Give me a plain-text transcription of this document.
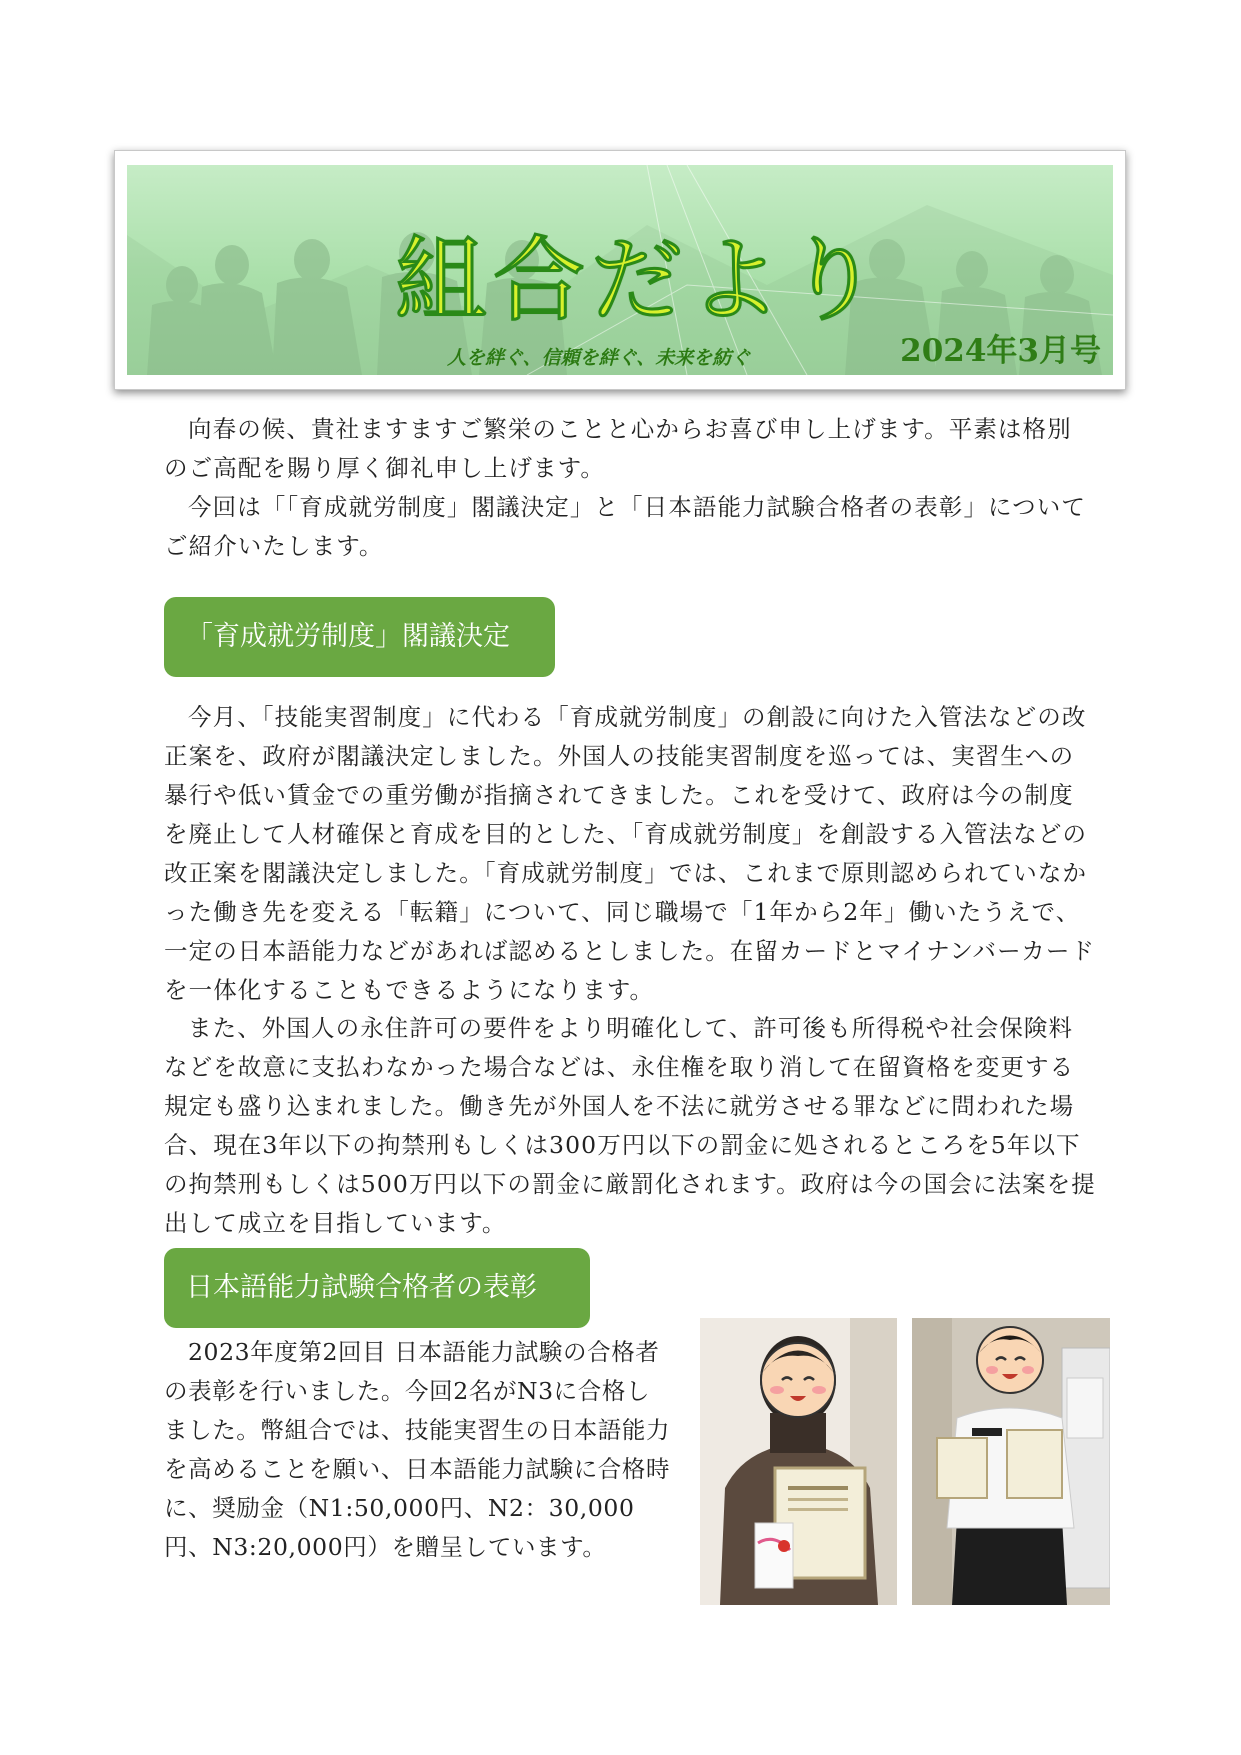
組合だより
人を絆ぐ、信頼を絆ぐ、未来を紡ぐ	2024年3月号

向春の候、貴社ますますご繁栄のことと心からお喜び申し上げます。平素は格別のご高配を賜り厚く御礼申し上げます。

今回は「「育成就労制度」閣議決定」と「日本語能力試験合格者の表彰」についてご紹介いたします。

「育成就労制度」閣議決定

今月、「技能実習制度」に代わる「育成就労制度」の創設に向けた入管法などの改正案を、政府が閣議決定しました。外国人の技能実習制度を巡っては、実習生への暴行や低い賃金での重労働が指摘されてきました。これを受けて、政府は今の制度を廃止して人材確保と育成を目的とした、「育成就労制度」を創設する入管法などの改正案を閣議決定しました。「育成就労制度」では、これまで原則認められていなかった働き先を変える「転籍」について、同じ職場で「1年から2年」働いたうえで、一定の日本語能力などがあれば認めるとしました。在留カードとマイナンバーカードを一体化することもできるようになります。

また、外国人の永住許可の要件をより明確化して、許可後も所得税や社会保険料などを故意に支払わなかった場合などは、永住権を取り消して在留資格を変更する規定も盛り込まれました。働き先が外国人を不法に就労させる罪などに問われた場合、現在3年以下の拘禁刑もしくは300万円以下の罰金に処されるところを5年以下の拘禁刑もしくは500万円以下の罰金に厳罰化されます。政府は今の国会に法案を提出して成立を目指しています。

日本語能力試験合格者の表彰

2023年度第2回目 日本語能力試験の合格者の表彰を行いました。今回2名がN3に合格しました。幣組合では、技能実習生の日本語能力を高めることを願い、日本語能力試験に合格時に、奨励金（N1:50,000円、N2：30,000円、N3:20,000円）を贈呈しています。
